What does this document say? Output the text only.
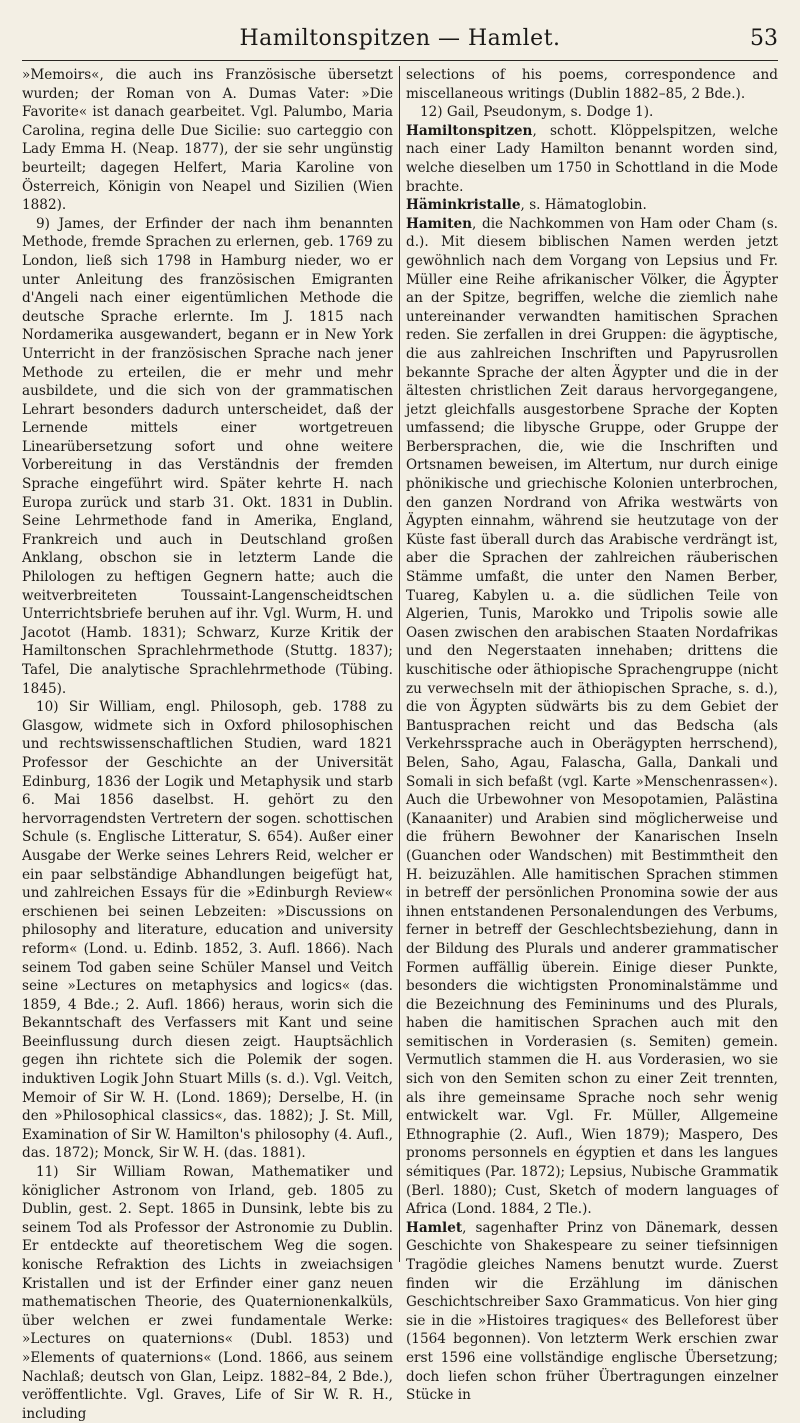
Hamiltonspitzen — Hamlet.	53

»Memoirs«, die auch ins Französische übersetzt wurden; der Roman von A. Dumas Vater: »Die Favorite« ist danach gearbeitet. Vgl. Palumbo, Maria Carolina, regina delle Due Sicilie: suo carteggio con Lady Emma H. (Neap. 1877), der sie sehr ungünstig beurteilt; dagegen Helfert, Maria Karoline von Österreich, Königin von Neapel und Sizilien (Wien 1882).

9) James, der Erfinder der nach ihm benannten Methode, fremde Sprachen zu erlernen, geb. 1769 zu London, ließ sich 1798 in Hamburg nieder, wo er unter Anleitung des französischen Emigranten d'Angeli nach einer eigentümlichen Methode die deutsche Sprache erlernte. Im J. 1815 nach Nordamerika ausgewandert, begann er in New York Unterricht in der französischen Sprache nach jener Methode zu erteilen, die er mehr und mehr ausbildete, und die sich von der grammatischen Lehrart besonders dadurch unterscheidet, daß der Lernende mittels einer wortgetreuen Linearübersetzung sofort und ohne weitere Vorbereitung in das Verständnis der fremden Sprache eingeführt wird. Später kehrte H. nach Europa zurück und starb 31. Okt. 1831 in Dublin. Seine Lehrmethode fand in Amerika, England, Frankreich und auch in Deutschland großen Anklang, obschon sie in letzterm Lande die Philologen zu heftigen Gegnern hatte; auch die weitverbreiteten Toussaint-Langenscheidtschen Unterrichtsbriefe beruhen auf ihr. Vgl. Wurm, H. und Jacotot (Hamb. 1831); Schwarz, Kurze Kritik der Hamiltonschen Sprachlehrmethode (Stuttg. 1837); Tafel, Die analytische Sprachlehrmethode (Tübing. 1845).

10) Sir William, engl. Philosoph, geb. 1788 zu Glasgow, widmete sich in Oxford philosophischen und rechtswissenschaftlichen Studien, ward 1821 Professor der Geschichte an der Universität Edinburg, 1836 der Logik und Metaphysik und starb 6. Mai 1856 daselbst. H. gehört zu den hervorragendsten Vertretern der sogen. schottischen Schule (s. Englische Litteratur, S. 654). Außer einer Ausgabe der Werke seines Lehrers Reid, welcher er ein paar selbständige Abhandlungen beigefügt hat, und zahlreichen Essays für die »Edinburgh Review« erschienen bei seinen Lebzeiten: »Discussions on philosophy and literature, education and university reform« (Lond. u. Edinb. 1852, 3. Aufl. 1866). Nach seinem Tod gaben seine Schüler Mansel und Veitch seine »Lectures on metaphysics and logics« (das. 1859, 4 Bde.; 2. Aufl. 1866) heraus, worin sich die Bekanntschaft des Verfassers mit Kant und seine Beeinflussung durch diesen zeigt. Hauptsächlich gegen ihn richtete sich die Polemik der sogen. induktiven Logik John Stuart Mills (s. d.). Vgl. Veitch, Memoir of Sir W. H. (Lond. 1869); Derselbe, H. (in den »Philosophical classics«, das. 1882); J. St. Mill, Examination of Sir W. Hamilton's philosophy (4. Aufl., das. 1872); Monck, Sir W. H. (das. 1881).

11) Sir William Rowan, Mathematiker und königlicher Astronom von Irland, geb. 1805 zu Dublin, gest. 2. Sept. 1865 in Dunsink, lebte bis zu seinem Tod als Professor der Astronomie zu Dublin. Er entdeckte auf theoretischem Weg die sogen. konische Refraktion des Lichts in zweiachsigen Kristallen und ist der Erfinder einer ganz neuen mathematischen Theorie, des Quaternionenkalküls, über welchen er zwei fundamentale Werke: »Lectures on quaternions« (Dubl. 1853) und »Elements of quaternions« (Lond. 1866, aus seinem Nachlaß; deutsch von Glan, Leipz. 1882–84, 2 Bde.), veröffentlichte. Vgl. Graves, Life of Sir W. R. H., including

selections of his poems, correspondence and miscellaneous writings (Dublin 1882–85, 2 Bde.).

12) Gail, Pseudonym, s. Dodge 1).

Hamiltonspitzen, schott. Klöppelspitzen, welche nach einer Lady Hamilton benannt worden sind, welche dieselben um 1750 in Schottland in die Mode brachte.

Häminkristalle, s. Hämatoglobin.

Hamiten, die Nachkommen von Ham oder Cham (s. d.). Mit diesem biblischen Namen werden jetzt gewöhnlich nach dem Vorgang von Lepsius und Fr. Müller eine Reihe afrikanischer Völker, die Ägypter an der Spitze, begriffen, welche die ziemlich nahe untereinander verwandten hamitischen Sprachen reden. Sie zerfallen in drei Gruppen: die ägyptische, die aus zahlreichen Inschriften und Papyrusrollen bekannte Sprache der alten Ägypter und die in der ältesten christlichen Zeit daraus hervorgegangene, jetzt gleichfalls ausgestorbene Sprache der Kopten umfassend; die libysche Gruppe, oder Gruppe der Berbersprachen, die, wie die Inschriften und Ortsnamen beweisen, im Altertum, nur durch einige phönikische und griechische Kolonien unterbrochen, den ganzen Nordrand von Afrika westwärts von Ägypten einnahm, während sie heutzutage von der Küste fast überall durch das Arabische verdrängt ist, aber die Sprachen der zahlreichen räuberischen Stämme umfaßt, die unter den Namen Berber, Tuareg, Kabylen u. a. die südlichen Teile von Algerien, Tunis, Marokko und Tripolis sowie alle Oasen zwischen den arabischen Staaten Nordafrikas und den Negerstaaten innehaben; drittens die kuschitische oder äthiopische Sprachengruppe (nicht zu verwechseln mit der äthiopischen Sprache, s. d.), die von Ägypten südwärts bis zu dem Gebiet der Bantusprachen reicht und das Bedscha (als Verkehrssprache auch in Oberägypten herrschend), Belen, Saho, Agau, Falascha, Galla, Dankali und Somali in sich befaßt (vgl. Karte »Menschenrassen«). Auch die Urbewohner von Mesopotamien, Palästina (Kanaaniter) und Arabien sind möglicherweise und die frühern Bewohner der Kanarischen Inseln (Guanchen oder Wandschen) mit Bestimmtheit den H. beizuzählen. Alle hamitischen Sprachen stimmen in betreff der persönlichen Pronomina sowie der aus ihnen entstandenen Personalendungen des Verbums, ferner in betreff der Geschlechtsbeziehung, dann in der Bildung des Plurals und anderer grammatischer Formen auffällig überein. Einige dieser Punkte, besonders die wichtigsten Pronominalstämme und die Bezeichnung des Femininums und des Plurals, haben die hamitischen Sprachen auch mit den semitischen in Vorderasien (s. Semiten) gemein. Vermutlich stammen die H. aus Vorderasien, wo sie sich von den Semiten schon zu einer Zeit trennten, als ihre gemeinsame Sprache noch sehr wenig entwickelt war. Vgl. Fr. Müller, Allgemeine Ethnographie (2. Aufl., Wien 1879); Maspero, Des pronoms personnels en égyptien et dans les langues sémitiques (Par. 1872); Lepsius, Nubische Grammatik (Berl. 1880); Cust, Sketch of modern languages of Africa (Lond. 1884, 2 Tle.).

Hamlet, sagenhafter Prinz von Dänemark, dessen Geschichte von Shakespeare zu seiner tiefsinnigen Tragödie gleiches Namens benutzt wurde. Zuerst finden wir die Erzählung im dänischen Geschichtschreiber Saxo Grammaticus. Von hier ging sie in die »Histoires tragiques« des Belleforest über (1564 begonnen). Von letzterm Werk erschien zwar erst 1596 eine vollständige englische Übersetzung; doch liefen schon früher Übertragungen einzelner Stücke in
